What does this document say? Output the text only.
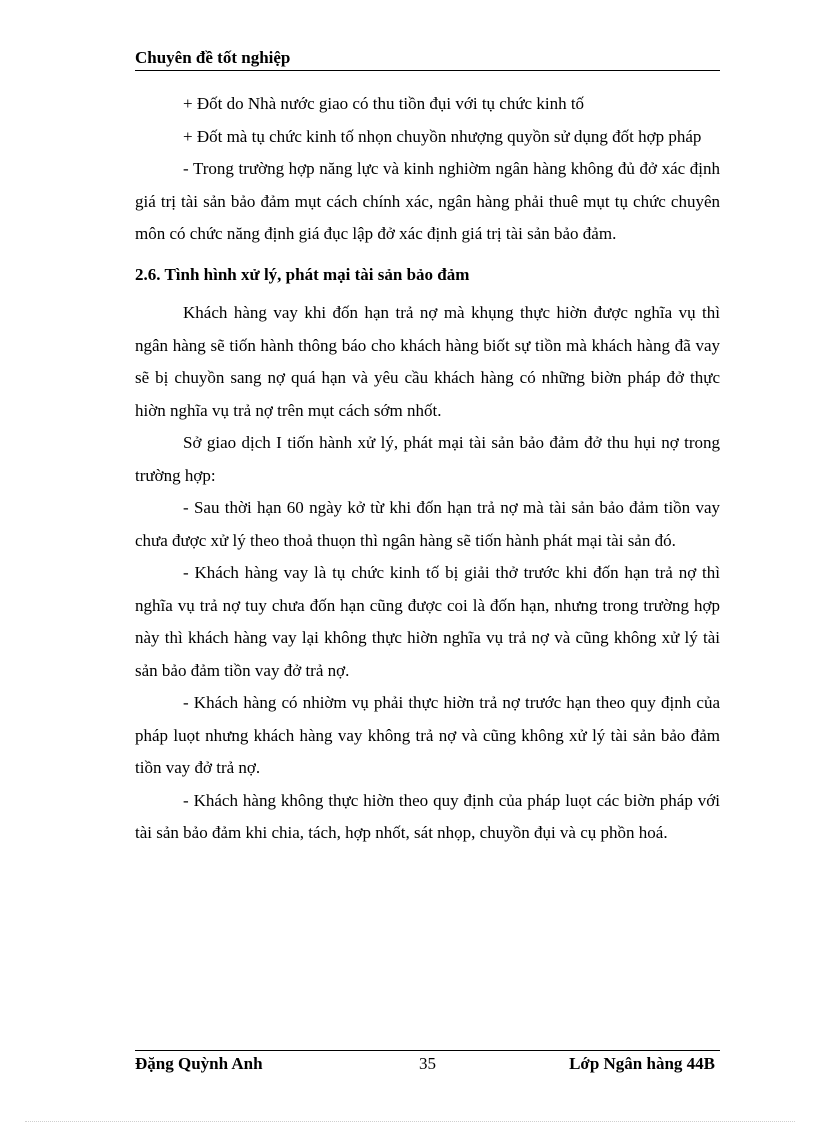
Chuyên đề tốt nghiệp

+ Đốt do Nhà nước giao có thu tiồn đụi với tụ chức kinh tố

+ Đốt mà tụ chức kinh tố nhọn chuyồn nhượng quyồn sử dụng đốt hợp pháp

- Trong trường hợp năng lực và kinh nghiờm ngân hàng không đủ đở xác định giá trị tài sản bảo đảm mụt cách chính xác, ngân hàng phải thuê mụt tụ chức chuyên môn có chức năng định giá đục lập đở xác định giá trị tài sản bảo đảm.

2.6. Tình hình xử lý, phát mại tài sản bảo đảm

Khách hàng vay khi đốn hạn trả nợ mà khụng thực hiờn được nghĩa vụ thì ngân hàng sẽ tiốn hành thông báo cho khách hàng biốt sự tiồn mà khách hàng đã vay sẽ bị chuyồn sang nợ quá hạn và yêu cầu khách hàng có những biờn pháp đở thực hiờn nghĩa vụ trả nợ trên mụt cách sớm nhốt.

Sở giao dịch I tiốn hành xử lý, phát mại tài sản bảo đảm đở thu hụi nợ trong trường hợp:

- Sau thời hạn 60 ngày kở từ khi đốn hạn trả nợ mà tài sản bảo đảm tiồn vay chưa được xử lý theo thoả thuọn thì ngân hàng sẽ tiốn hành phát mại tài sản đó.

- Khách hàng vay là tụ chức kinh tố bị giải thở trước khi đốn hạn trả nợ thì nghĩa vụ trả nợ tuy chưa đốn hạn cũng được coi là đốn hạn, nhưng trong trường hợp này thì khách hàng vay lại không thực hiờn nghĩa vụ trả nợ và cũng không xử lý tài sản bảo đảm tiồn vay đở trả nợ.

- Khách hàng có nhiờm vụ phải thực hiờn trả nợ trước hạn theo quy định của pháp luọt nhưng khách hàng vay không trả nợ và cũng không xử lý tài sản bảo đảm tiồn vay đở trả nợ.

- Khách hàng không thực hiờn theo quy định của pháp luọt các biờn pháp với tài sản bảo đảm khi chia, tách, hợp nhốt, sát nhọp, chuyồn đụi và cụ phồn hoá.

Đặng Quỳnh Anh	35	Lớp Ngân hàng 44B
